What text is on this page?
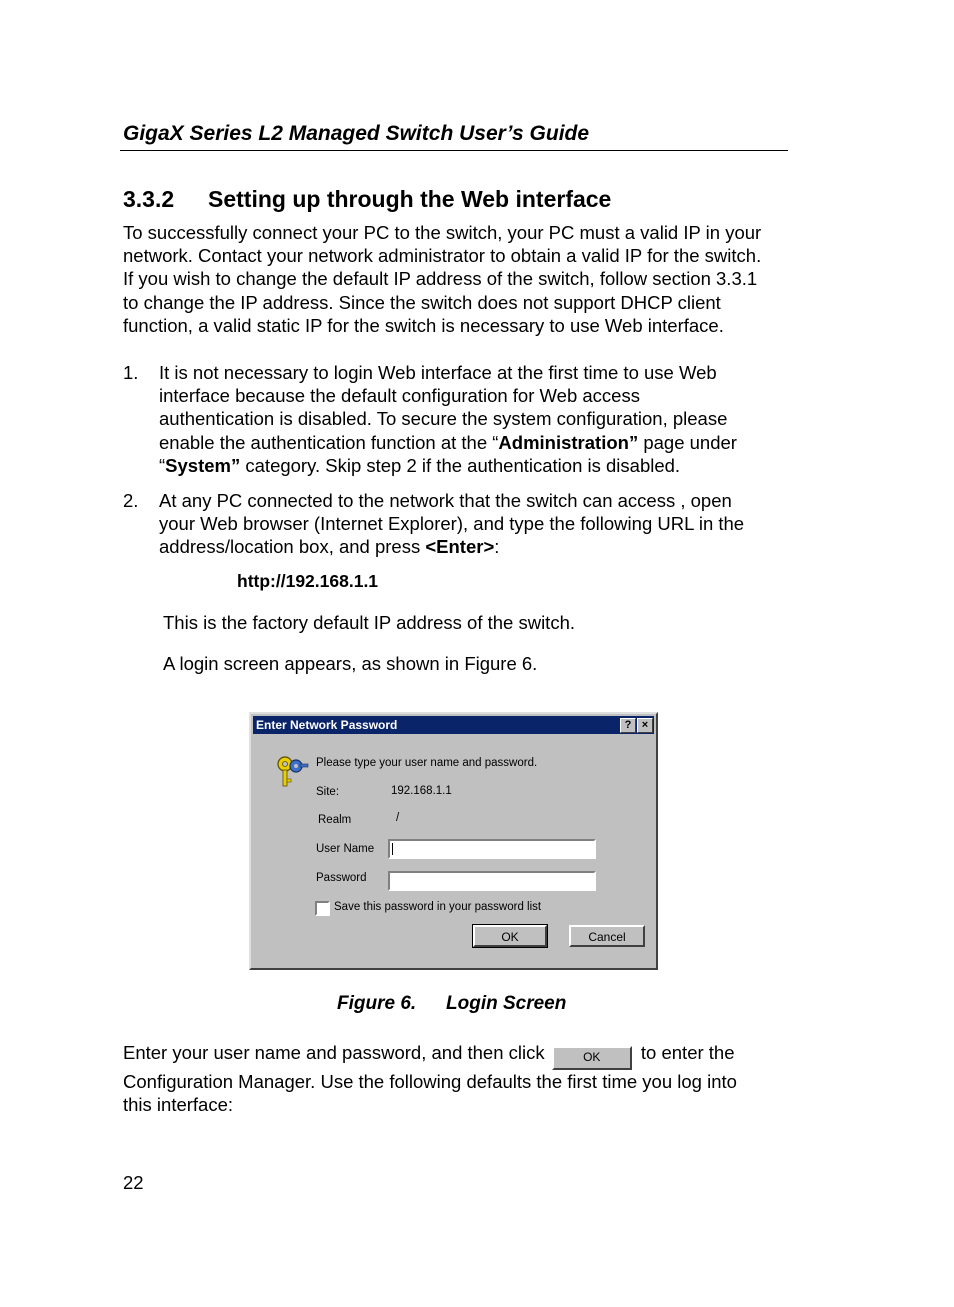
GigaX Series L2 Managed Switch User’s Guide
3.3.2 Setting up through the Web interface
To successfully connect your PC to the switch, your PC must a valid IP in your
network. Contact your network administrator to obtain a valid IP for the switch.
If you wish to change the default IP address of the switch, follow section 3.3.1
to change the IP address. Since the switch does not support DHCP client
function, a valid static IP for the switch is necessary to use Web interface.
1. It is not necessary to login Web interface at the first time to use Web
interface because the default configuration for Web access
authentication is disabled. To secure the system configuration, please
enable the authentication function at the “Administration” page under
“System” category. Skip step 2 if the authentication is disabled.
2. At any PC connected to the network that the switch can access , open
your Web browser (Internet Explorer), and type the following URL in the
address/location box, and press <Enter>:
http://192.168.1.1
This is the factory default IP address of the switch.
A login screen appears, as shown in Figure 6.
Enter Network Password	? ×
Please type your user name and password.
Site:	192.168.1.1
Realm	/
User Name
Password
Save this password in your password list
OK	Cancel
Figure 6. Login Screen
Enter your user name and password, and then click	OK to enter the
Configuration Manager. Use the following defaults the first time you log into
this interface:
22
